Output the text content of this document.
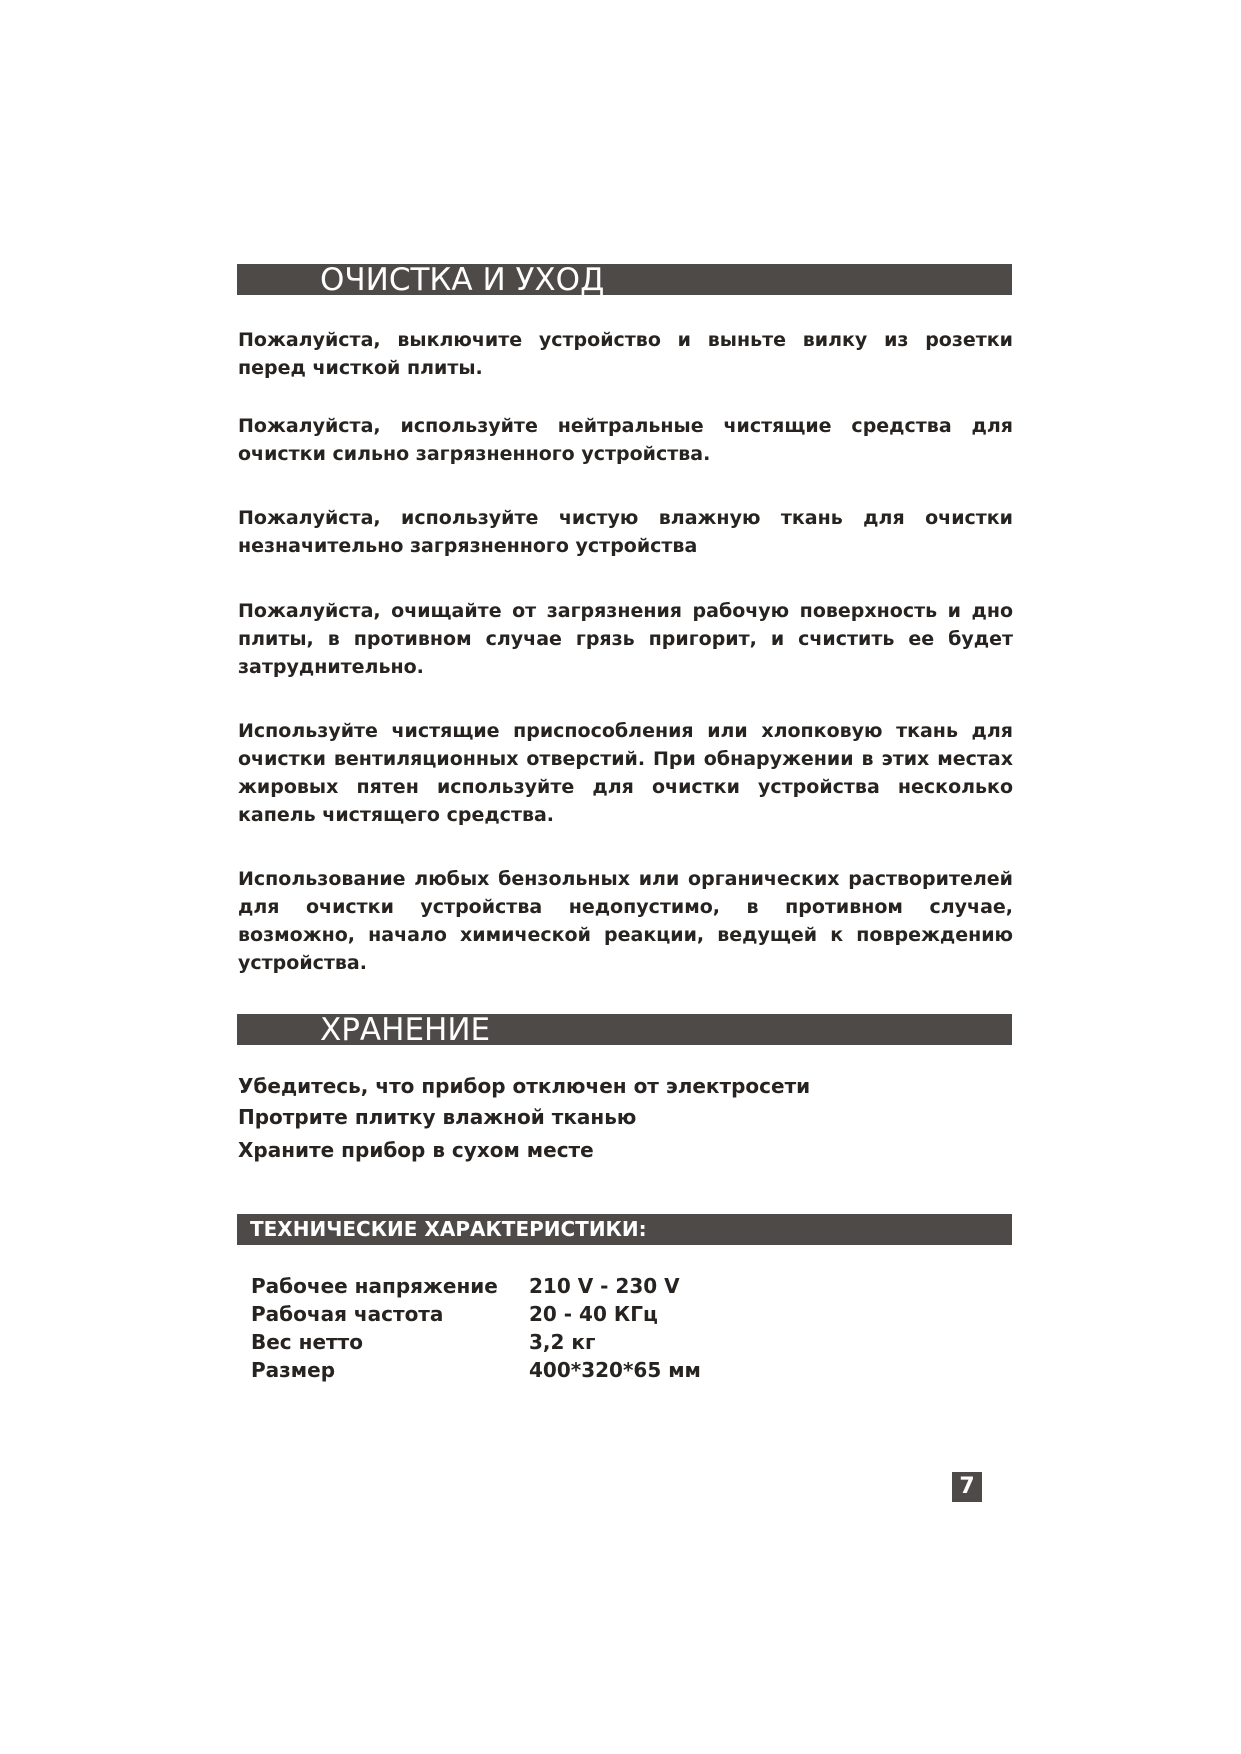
ОЧИСТКА И УХОД

Пожалуйста, выключите устройство и выньте вилку из розетки перед чисткой плиты.

Пожалуйста, используйте нейтральные чистящие средства для очистки сильно загрязненного устройства.

Пожалуйста, используйте чистую влажную ткань для очистки незначительно загрязненного устройства

Пожалуйста, очищайте от загрязнения рабочую поверхность и дно плиты, в противном случае грязь пригорит, и счистить ее будет затруднительно.

Используйте чистящие приспособления или хлопковую ткань для очистки вентиляционных отверстий. При обнаружении в этих местах жировых пятен используйте для очистки устройства несколько капель чистящего средства.

Использование любых бензольных или органических растворителей для очистки устройства недопустимо, в противном случае, возможно, начало химической реакции, ведущей к повреждению устройства.

ХРАНЕНИЕ

Убедитесь, что прибор отключен от электросети

Протрите плитку влажной тканью

Храните прибор в сухом месте

ТЕХНИЧЕСКИЕ ХАРАКТЕРИСТИКИ:
Рабочее напряжение	210 V - 230 V
Рабочая частота	20 - 40 КГц
Вес нетто	3,2 кг
Размер	400*320*65 мм
7
